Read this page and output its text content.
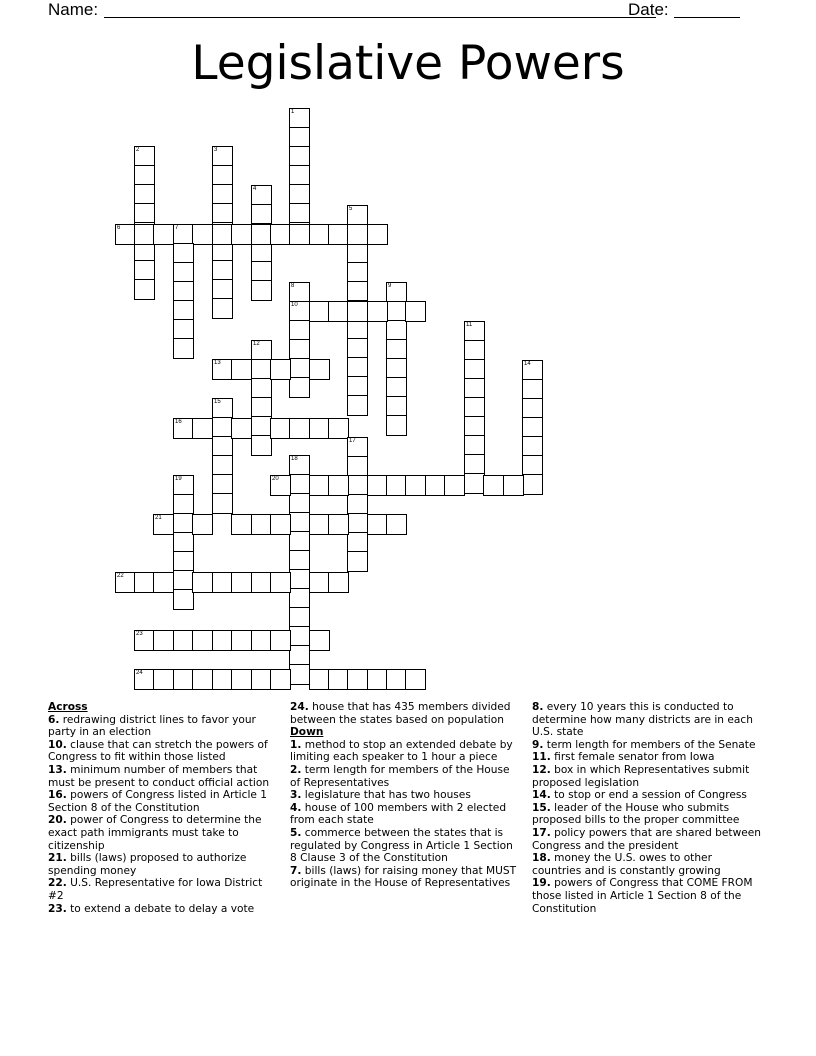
Name:	Date:
Legislative Powers
1
2	3
4
5
6	7
8
10
9
11
12
13	14
15
16
17
18
19	20
21
22
23
24
Across
6. redrawing district lines to favor your party in an election
10. clause that can stretch the powers of Congress to fit within those listed
13. minimum number of members that must be present to conduct official action
16. powers of Congress listed in Article 1 Section 8 of the Constitution
20. power of Congress to determine the exact path immigrants must take to citizenship
21. bills (laws) proposed to authorize spending money
22. U.S. Representative for Iowa District #2
23. to extend a debate to delay a vote
24. house that has 435 members divided between the states based on population
Down
1. method to stop an extended debate by limiting each speaker to 1 hour a piece
2. term length for members of the House of Representatives
3. legislature that has two houses
4. house of 100 members with 2 elected from each state
5. commerce between the states that is regulated by Congress in Article 1 Section 8 Clause 3 of the Constitution
7. bills (laws) for raising money that MUST originate in the House of Representatives
8. every 10 years this is conducted to determine how many districts are in each U.S. state
9. term length for members of the Senate
11. first female senator from Iowa
12. box in which Representatives submit proposed legislation
14. to stop or end a session of Congress
15. leader of the House who submits proposed bills to the proper committee
17. policy powers that are shared between Congress and the president
18. money the U.S. owes to other countries and is constantly growing
19. powers of Congress that COME FROM those listed in Article 1 Section 8 of the Constitution
